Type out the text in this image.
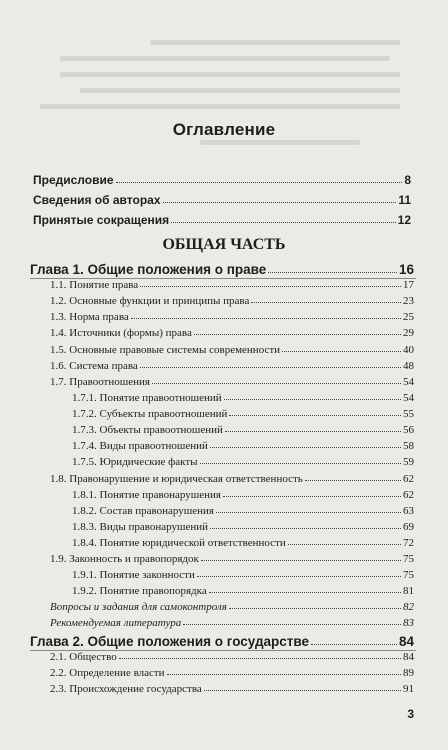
Оглавление
Предисловие	8
Сведения об авторах	11
Принятые сокращения	12
ОБЩАЯ ЧАСТЬ
Глава 1. Общие положения о праве	16
1.1. Понятие права	17
1.2. Основные функции и принципы права	23
1.3. Норма права	25
1.4. Источники (формы) права	29
1.5. Основные правовые системы современности	40
1.6. Система права	48
1.7. Правоотношения	54
1.7.1. Понятие правоотношений	54
1.7.2. Субъекты правоотношений	55
1.7.3. Объекты правоотношений	56
1.7.4. Виды правоотношений	58
1.7.5. Юридические факты	59
1.8. Правонарушение и юридическая ответственность	62
1.8.1. Понятие правонарушения	62
1.8.2. Состав правонарушения	63
1.8.3. Виды правонарушений	69
1.8.4. Понятие юридической ответственности	72
1.9. Законность и правопорядок	75
1.9.1. Понятие законности	75
1.9.2. Понятие правопорядка	81
Вопросы и задания для самоконтроля	82
Рекомендуемая литература	83
Глава 2. Общие положения о государстве	84
2.1. Общество	84
2.2. Определение власти	89
2.3. Происхождение государства	91
3
